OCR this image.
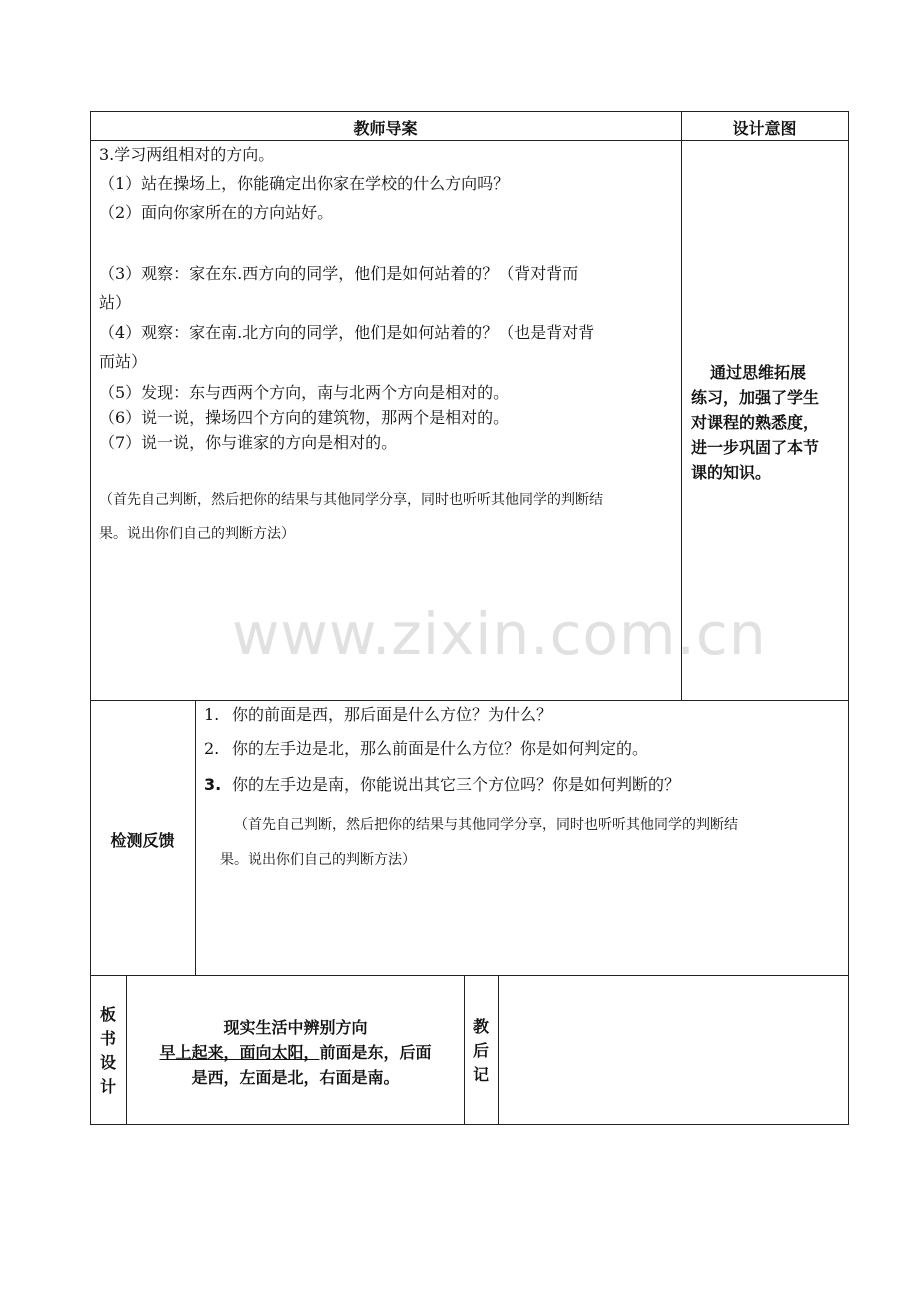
教师导案	设计意图
3.学习两组相对的方向。
（1）站在操场上，你能确定出你家在学校的什么方向吗？
（2）面向你家所在的方向站好。
（3）观察：家在东.西方向的同学，他们是如何站着的？（背对背而
站）
（4）观察：家在南.北方向的同学，他们是如何站着的？（也是背对背
而站）
（5）发现：东与西两个方向，南与北两个方向是相对的。
（6）说一说，操场四个方向的建筑物，那两个是相对的。
（7）说一说，你与谁家的方向是相对的。
（首先自己判断，然后把你的结果与其他同学分享，同时也听听其他同学的判断结
果。说出你们自己的判断方法）
通过思维拓展
练习，加强了学生
对课程的熟悉度，
进一步巩固了本节
课的知识。
www.zixin.com.cn
检测反馈
1. 你的前面是西，那后面是什么方位？为什么？
2. 你的左手边是北，那么前面是什么方位？你是如何判定的。
3. 你的左手边是南，你能说出其它三个方位吗？你是如何判断的？
（首先自己判断，然后把你的结果与其他同学分享，同时也听听其他同学的判断结
果。说出你们自己的判断方法）
板
书
设
计
现实生活中辨别方向
早上起来，面向太阳，前面是东，后面
是西，左面是北，右面是南。
教
后
记
